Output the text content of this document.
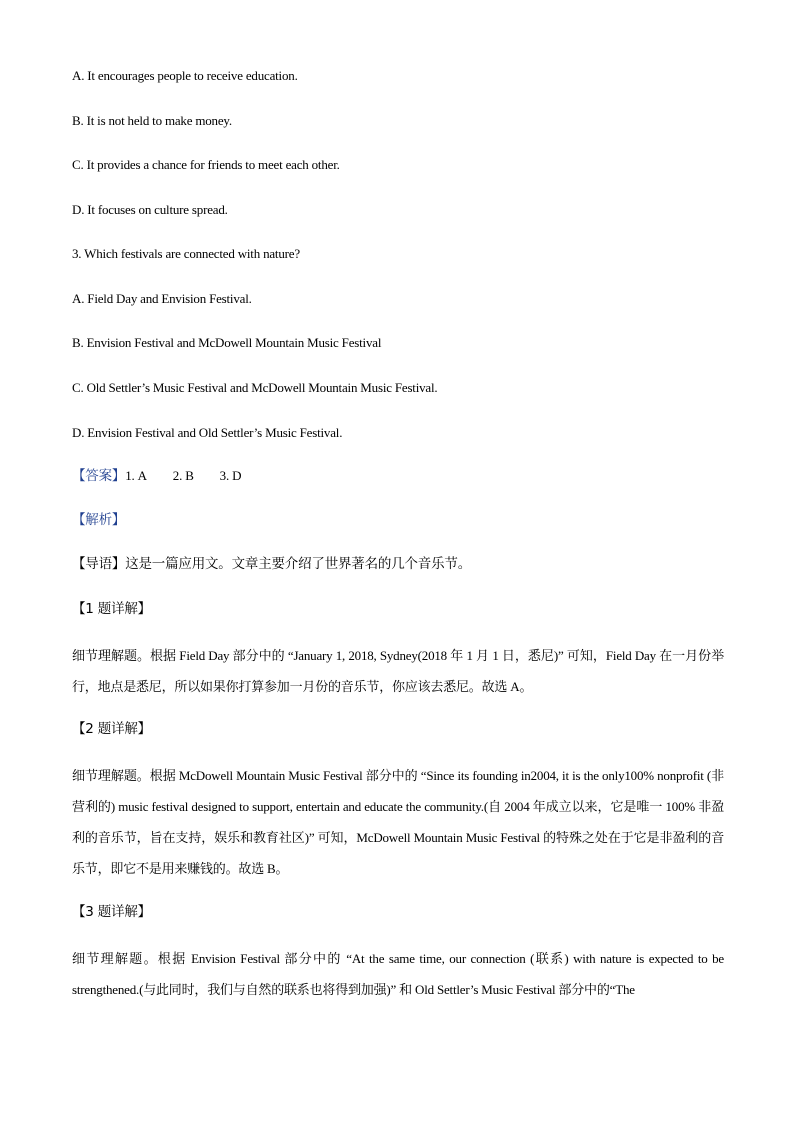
A. It encourages people to receive education.
B. It is not held to make money.
C. It provides a chance for friends to meet each other.
D. It focuses on culture spread.
3. Which festivals are connected with nature?
A. Field Day and Envision Festival.
B. Envision Festival and McDowell Mountain Music Festival
C. Old Settler’s Music Festival and McDowell Mountain Music Festival.
D. Envision Festival and Old Settler’s Music Festival.
【答案】1. A 2. B 3. D
【解析】
【导语】这是一篇应用文。文章主要介绍了世界著名的几个音乐节。
【1 题详解】
细节理解题。根据 Field Day 部分中的 “January 1, 2018, Sydney(2018 年 1 月 1 日，悉尼)” 可知，Field Day 在一月份举行，地点是悉尼，所以如果你打算参加一月份的音乐节，你应该去悉尼。故选 A。
【2 题详解】
细节理解题。根据 McDowell Mountain Music Festival 部分中的 “Since its founding in2004, it is the only100% nonprofit (非营利的) music festival designed to support, entertain and educate the community.(自 2004 年成立以来，它是唯一 100% 非盈利的音乐节，旨在支持，娱乐和教育社区)” 可知，McDowell Mountain Music Festival 的特殊之处在于它是非盈利的音乐节，即它不是用来赚钱的。故选 B。
【3 题详解】
细节理解题。根据 Envision Festival 部分中的 “At the same time, our connection (联系) with nature is expected to be strengthened.(与此同时，我们与自然的联系也将得到加强)” 和 Old Settler’s Music Festival 部分中的“The
